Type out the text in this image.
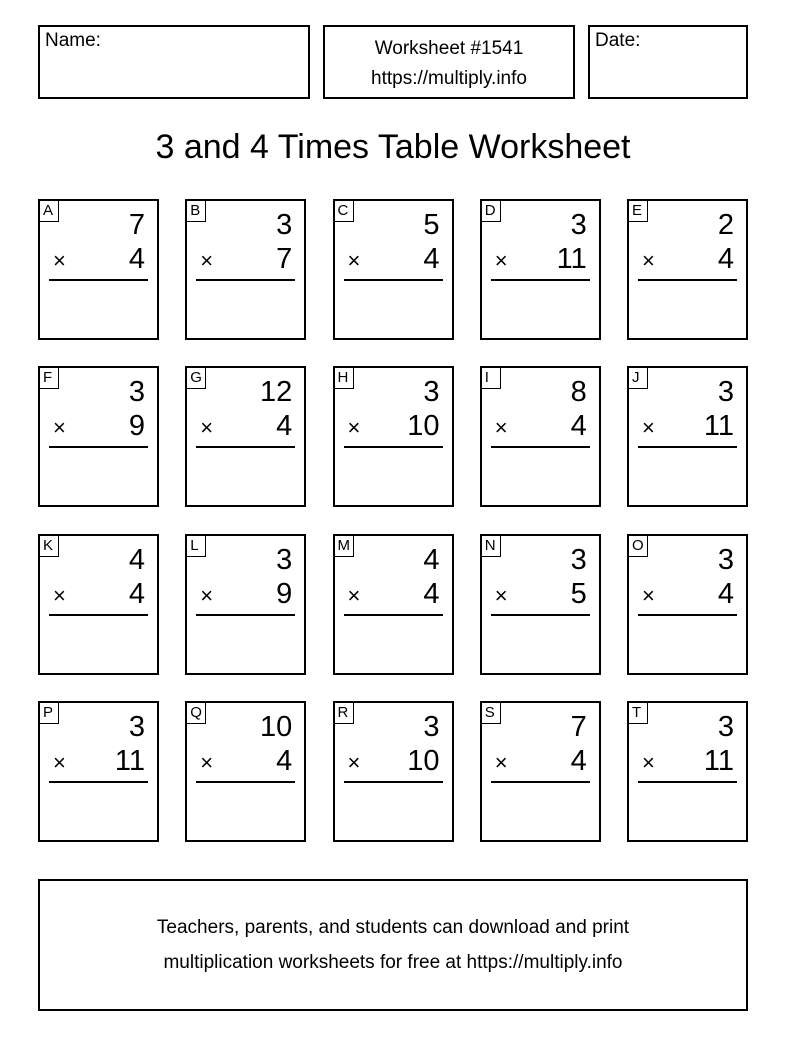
Name:	Worksheet #1541
https://multiply.info
Date:
3 and 4 Times Table Worksheet
A	7
× 4
B	3
× 7
C	5
× 4
D	3
× 11
E	2
× 4
F	3
× 9
G 12
× 4
H	3
× 10
I	8
× 4
J	3
× 11
K	4
× 4
L	3
× 9
M	4
× 4
N	3
× 5
O	3
× 4
P	3
× 11
Q 10
× 4
R	3
× 10
S	7
× 4
T	3
× 11
Teachers, parents, and students can download and print
multiplication worksheets for free at https://multiply.info
